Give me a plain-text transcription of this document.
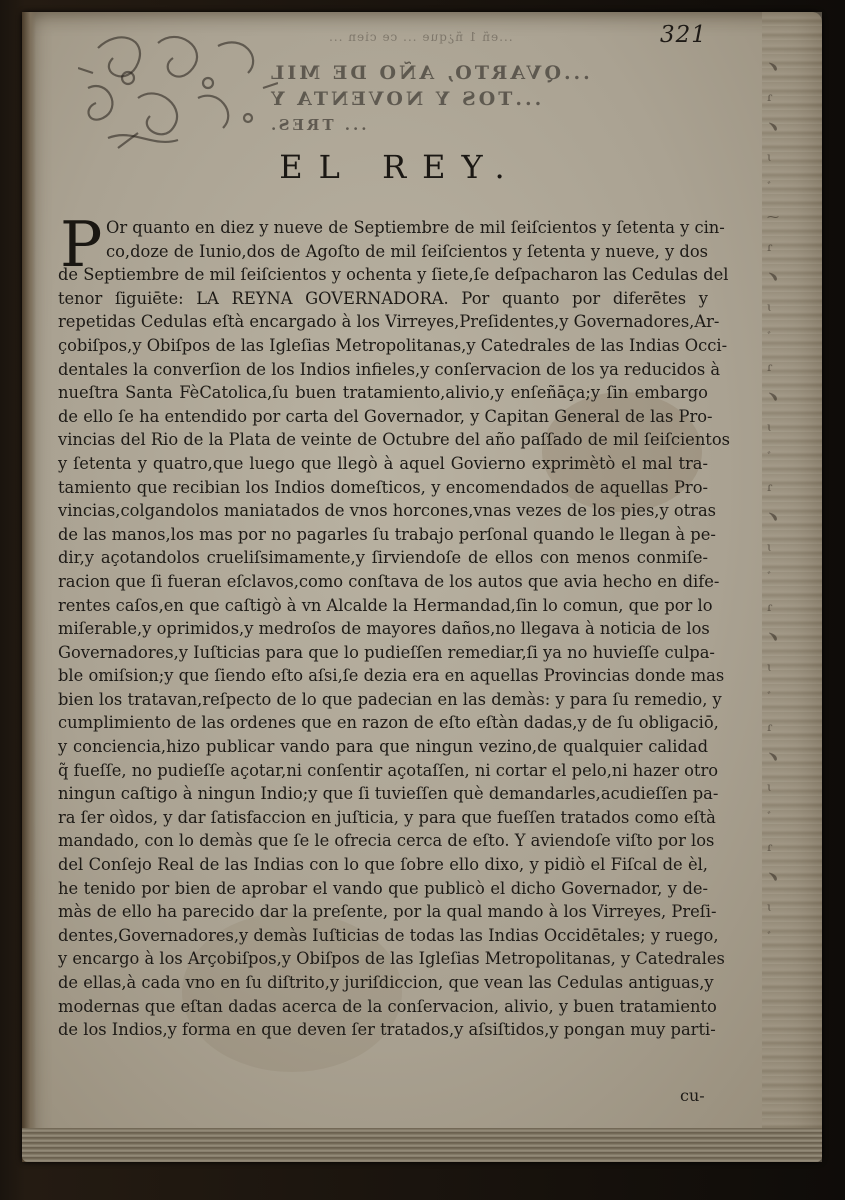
﹅
ɾ
﹅
ɩ
ﾞ
⁓
ɾ
﹅
ɩ
ﾞ
ɾ
﹅
ɩ
ﾞ
ɾ
﹅
ɩ
ﾞ
ɾ
﹅
ɩ
ﾞ
ɾ
﹅
ɩ
ﾞ
ɾ
﹅
ɩ
ﾞ
...eñ 1 ñ¿que ... ce cien ...
...QVARTO, AÑO DE MIL
...TOS Y NOVENTA Y
... TRES.
321
EL REY.
P Or quanto en diez y nueve de Septiembre de mil ſeiſcientos y ſetenta y cin-
co,doze de Iunio,dos de Agoſto de mil ſeiſcientos y ſetenta y nueve, y dos
de Septiembre de mil ſeiſcientos y ochenta y ſiete,ſe deſpacharon las Cedulas del
tenor ſiguiēte: LA REYNA GOVERNADORA. Por quanto por diferētes y
repetidas Cedulas eſtà encargado à los Virreyes,Preſidentes,y Governadores,Ar-
çobiſpos,y Obiſpos de las Igleſias Metropolitanas,y Catedrales de las Indias Occi-
dentales la converſion de los Indios infieles,y conſervacion de los ya reducidos à
nueſtra Santa FèCatolica,ſu buen tratamiento,alivio,y enſeñāça;y ſin embargo
de ello ſe ha entendido por carta del Governador, y Capitan General de las Pro-
vincias del Rio de la Plata de veinte de Octubre del año paſſado de mil ſeiſcientos
y ſetenta y quatro,que luego que llegò à aquel Govierno exprimètò el mal tra-
tamiento que recibian los Indios domeſticos, y encomendados de aquellas Pro-
vincias,colgandolos maniatados de vnos horcones,vnas vezes de los pies,y otras
de las manos,los mas por no pagarles ſu trabajo perſonal quando le llegan à pe-
dir,y açotandolos crueliſsimamente,y ſirviendoſe de ellos con menos conmiſe-
racion que ſi fueran eſclavos,como conſtava de los autos que avia hecho en dife-
rentes caſos,en que caſtigò à vn Alcalde la Hermandad,ſin lo comun, que por lo
miſerable,y oprimidos,y medroſos de mayores daños,no llegava à noticia de los
Governadores,y Iuſticias para que lo pudieſſen remediar,ſi ya no huvieſſe culpa-
ble omiſsion;y que ſiendo eſto aſsi,ſe dezia era en aquellas Provincias donde mas
bien los tratavan,reſpecto de lo que padecian en las demàs: y para ſu remedio, y
cumplimiento de las ordenes que en razon de eſto eſtàn dadas,y de ſu obligaciō,
y conciencia,hizo publicar vando para que ningun vezino,de qualquier calidad
q̃ fueſſe, no pudieſſe açotar,ni conſentir açotaſſen, ni cortar el pelo,ni hazer otro
ningun caſtigo à ningun Indio;y que ſi tuvieſſen què demandarles,acudieſſen pa-
ra ſer oìdos, y dar ſatisfaccion en juſticia, y para que fueſſen tratados como eſtà
mandado, con lo demàs que ſe le ofrecia cerca de eſto. Y aviendoſe viſto por los
del Conſejo Real de las Indias con lo que ſobre ello dixo, y pidiò el Fiſcal de èl,
he tenido por bien de aprobar el vando que publicò el dicho Governador, y de-
màs de ello ha parecido dar la preſente, por la qual mando à los Virreyes, Preſi-
dentes,Governadores,y demàs Iuſticias de todas las Indias Occidētales; y ruego,
y encargo à los Arçobiſpos,y Obiſpos de las Igleſias Metropolitanas, y Catedrales
de ellas,à cada vno en ſu diſtrito,y juriſdiccion, que vean las Cedulas antiguas,y
modernas que eſtan dadas acerca de la conſervacion, alivio, y buen tratamiento
de los Indios,y forma en que deven ſer tratados,y aſsiſtidos,y pongan muy parti-
cu-
